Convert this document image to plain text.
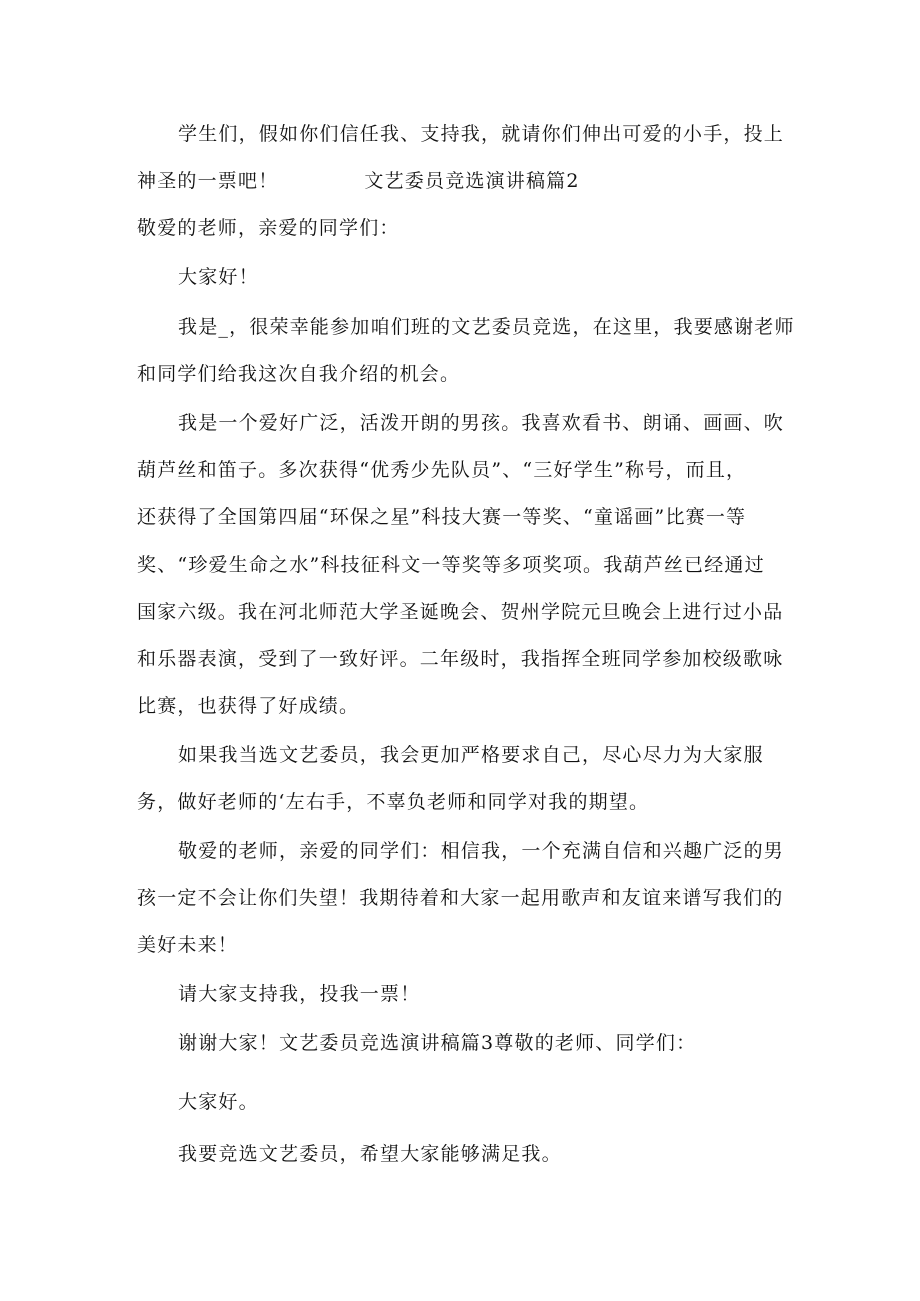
学生们，假如你们信任我、支持我，就请你们伸出可爱的小手，投上
神圣的一票吧！	文艺委员竞选演讲稿篇2
敬爱的老师，亲爱的同学们：
大家好！
我是_，很荣幸能参加咱们班的文艺委员竞选，在这里，我要感谢老师
和同学们给我这次自我介绍的机会。
我是一个爱好广泛，活泼开朗的男孩。我喜欢看书、朗诵、画画、吹
葫芦丝和笛子。多次获得“优秀少先队员”、“三好学生”称号，而且，
还获得了全国第四届“环保之星”科技大赛一等奖、“童谣画”比赛一等
奖、“珍爱生命之水”科技征科文一等奖等多项奖项。我葫芦丝已经通过
国家六级。我在河北师范大学圣诞晚会、贺州学院元旦晚会上进行过小品
和乐器表演，受到了一致好评。二年级时，我指挥全班同学参加校级歌咏
比赛，也获得了好成绩。
如果我当选文艺委员，我会更加严格要求自己，尽心尽力为大家服
务，做好老师的‘左右手，不辜负老师和同学对我的期望。
敬爱的老师，亲爱的同学们：相信我，一个充满自信和兴趣广泛的男
孩一定不会让你们失望！我期待着和大家一起用歌声和友谊来谱写我们的
美好未来！
请大家支持我，投我一票！
谢谢大家！文艺委员竞选演讲稿篇3尊敬的老师、同学们：
大家好。
我要竞选文艺委员，希望大家能够满足我。
